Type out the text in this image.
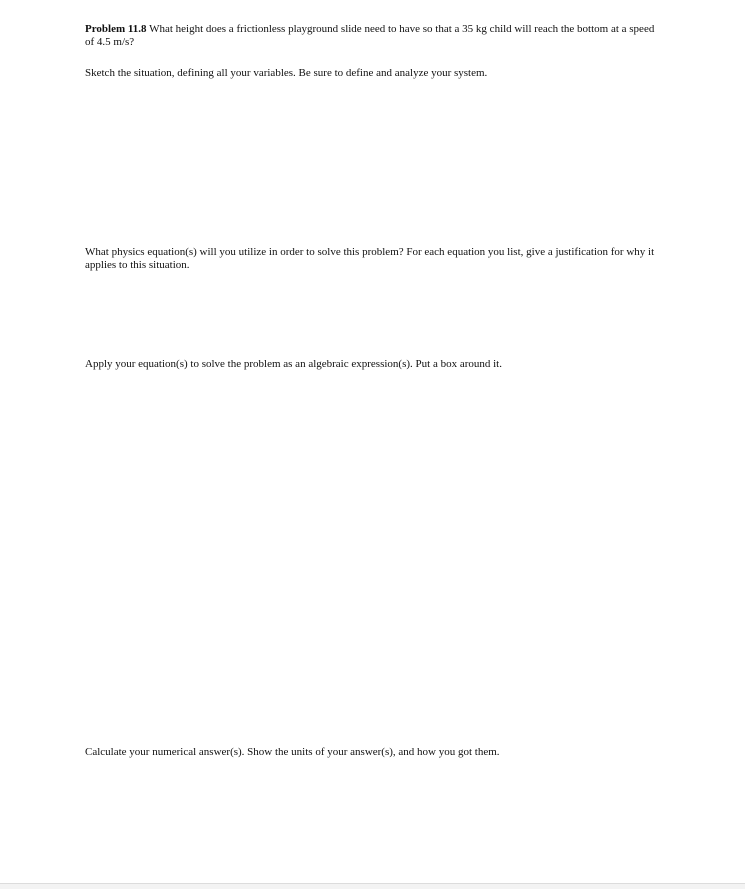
Problem 11.8 What height does a frictionless playground slide need to have so that a 35 kg child will reach the bottom at a speed of 4.5 m/s?
Sketch the situation, defining all your variables. Be sure to define and analyze your system.
What physics equation(s) will you utilize in order to solve this problem? For each equation you list, give a justification for why it applies to this situation.
Apply your equation(s) to solve the problem as an algebraic expression(s). Put a box around it.
Calculate your numerical answer(s). Show the units of your answer(s), and how you got them.
